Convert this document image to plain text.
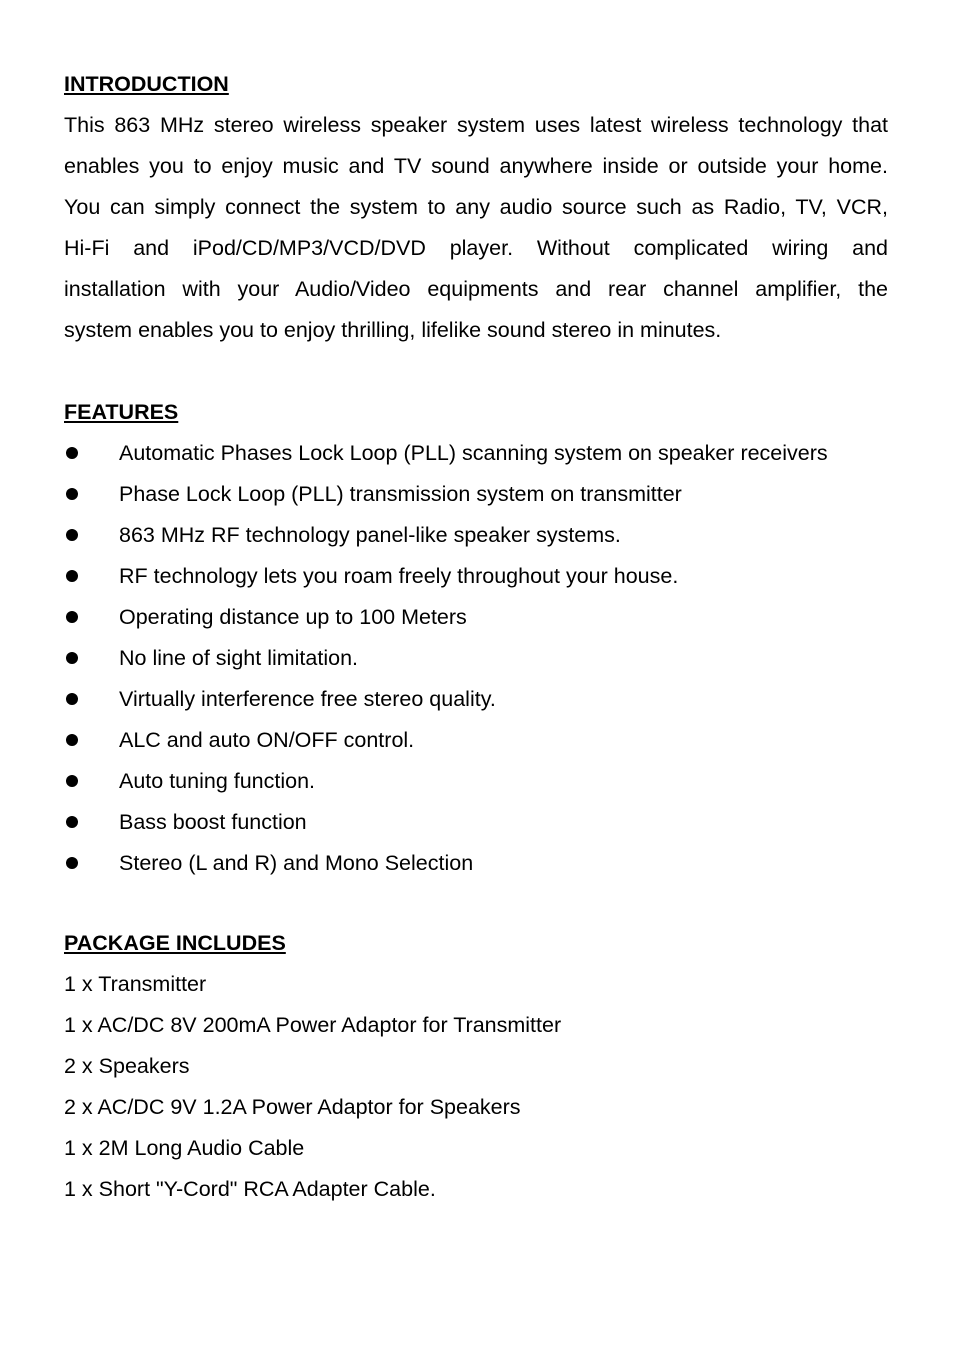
INTRODUCTION

This 863 MHz stereo wireless speaker system uses latest wireless technology that
enables you to enjoy music and TV sound anywhere inside or outside your home.
You can simply connect the system to any audio source such as Radio, TV, VCR,
Hi-Fi and iPod/CD/MP3/VCD/DVD player. Without complicated wiring and
installation with your Audio/Video equipments and rear channel amplifier, the
system enables you to enjoy thrilling, lifelike sound stereo in minutes.

FEATURES
Automatic Phases Lock Loop (PLL) scanning system on speaker receivers
Phase Lock Loop (PLL) transmission system on transmitter
863 MHz RF technology panel-like speaker systems.
RF technology lets you roam freely throughout your house.
Operating distance up to 100 Meters
No line of sight limitation.
Virtually interference free stereo quality.
ALC and auto ON/OFF control.
Auto tuning function.
Bass boost function
Stereo (L and R) and Mono Selection
PACKAGE INCLUDES
1 x Transmitter
1 x AC/DC 8V 200mA Power Adaptor for Transmitter
2 x Speakers
2 x AC/DC 9V 1.2A Power Adaptor for Speakers
1 x 2M Long Audio Cable
1 x Short "Y-Cord" RCA Adapter Cable.
